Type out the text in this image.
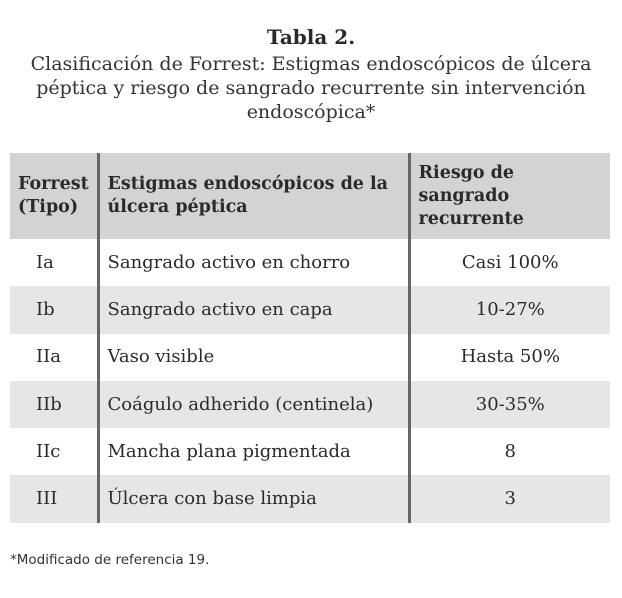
Tabla 2.
Clasificación de Forrest: Estigmas endoscópicos de úlcera péptica y riesgo de sangrado recurrente sin intervención endoscópica*
Forrest (Tipo)	Estigmas endoscópicos de la úlcera péptica	Riesgo de sangrado recurrente
Ia	Sangrado activo en chorro	Casi 100%
Ib	Sangrado activo en capa	10-27%
IIa	Vaso visible	Hasta 50%
IIb	Coágulo adherido (centinela)	30-35%
IIc	Mancha plana pigmentada	8
III	Úlcera con base limpia	3
*Modificado de referencia 19.
